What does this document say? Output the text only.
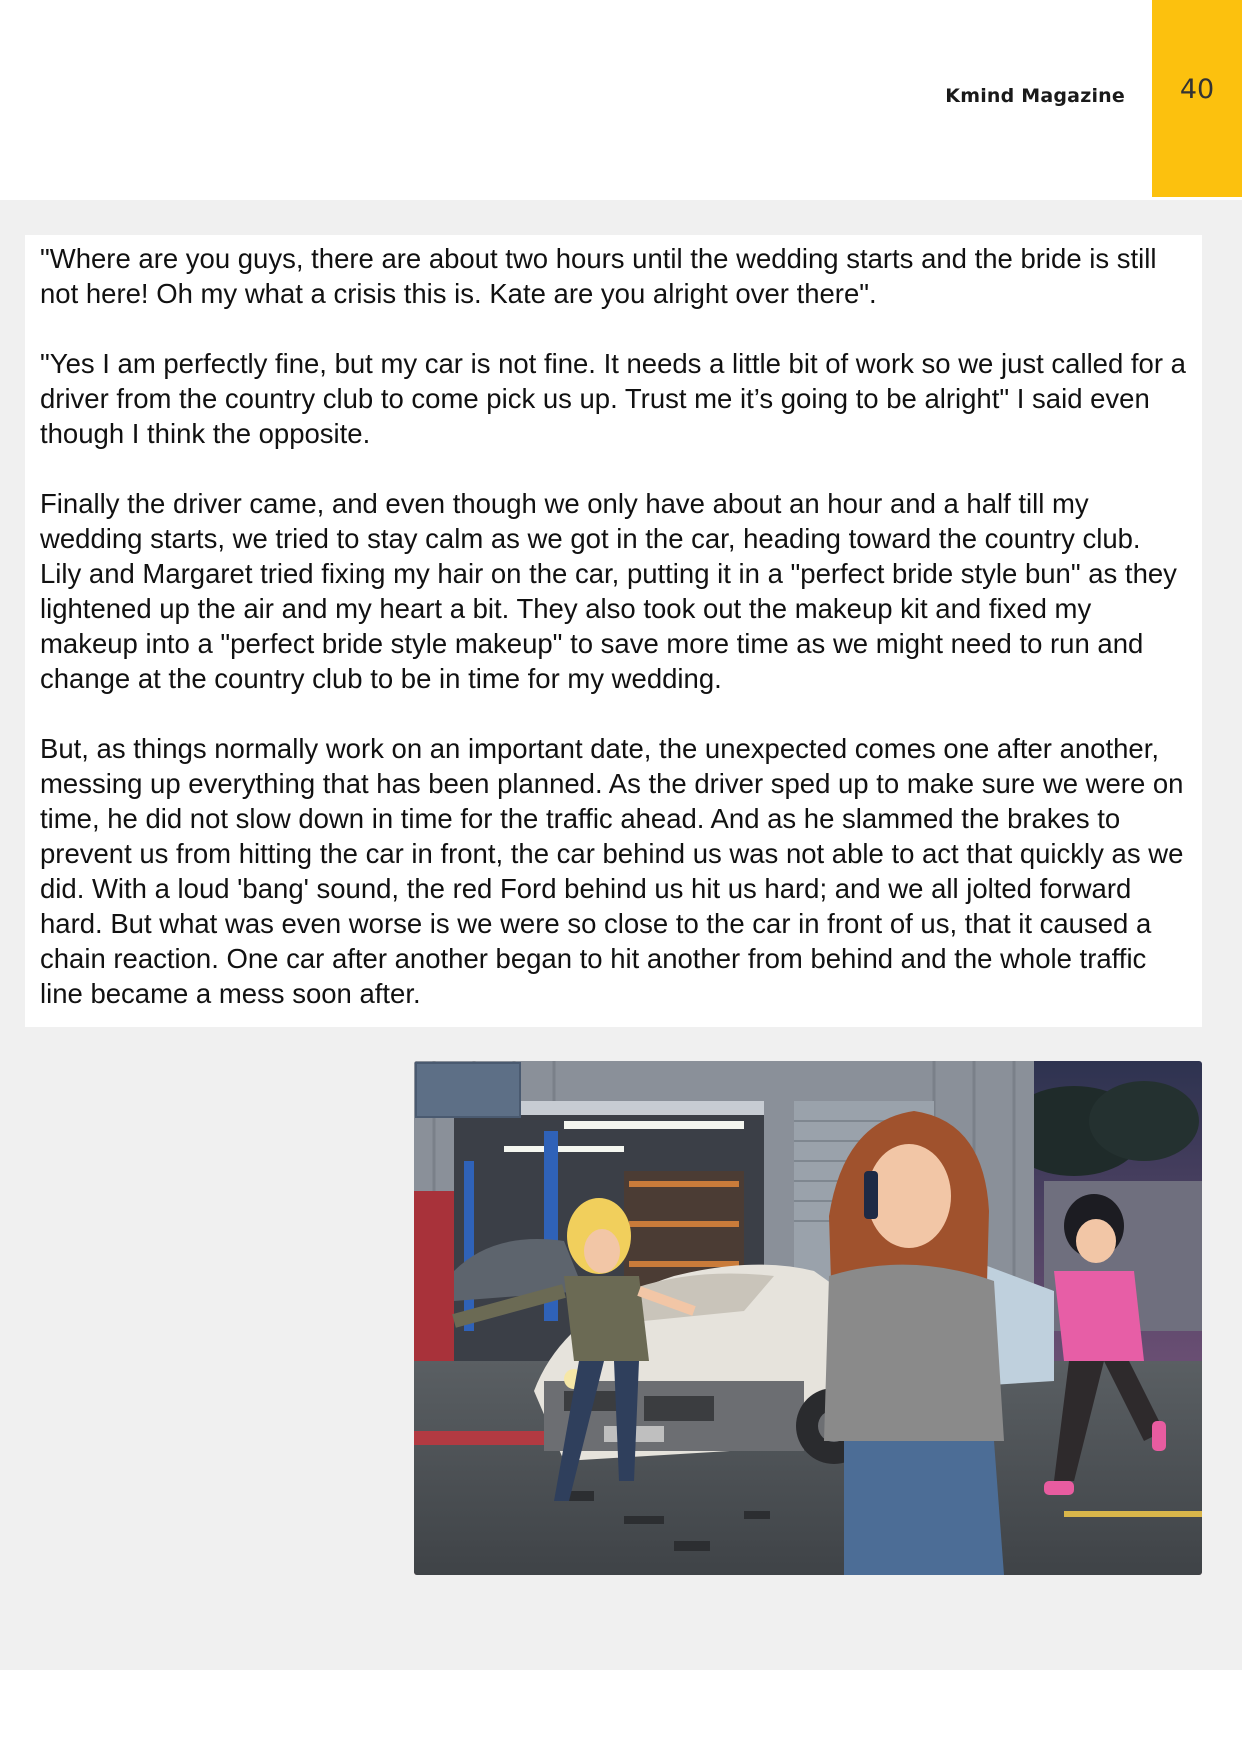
Kmind Magazine	40

"Where are you guys, there are about two hours until the wedding starts and the bride is still not here! Oh my what a crisis this is. Kate are you alright over there".

"Yes I am perfectly fine, but my car is not fine. It needs a little bit of work so we just called for a driver from the country club to come pick us up. Trust me it’s going to be alright" I said even though I think the opposite.

Finally the driver came, and even though we only have about an hour and a half till my wedding starts, we tried to stay calm as we got in the car, heading toward the country club. Lily and Margaret tried fixing my hair on the car, putting it in a "perfect bride style bun" as they lightened up the air and my heart a bit. They also took out the makeup kit and fixed my makeup into a "perfect bride style makeup" to save more time as we might need to run and change at the country club to be in time for my wedding.

But, as things normally work on an important date, the unexpected comes one after another, messing up everything that has been planned. As the driver sped up to make sure we were on time, he did not slow down in time for the traffic ahead. And as he slammed the brakes to prevent us from hitting the car in front, the car behind us was not able to act that quickly as we did. With a loud 'bang' sound, the red Ford behind us hit us hard; and we all jolted forward hard. But what was even worse is we were so close to the car in front of us, that it caused a chain reaction. One car after another began to hit another from behind and the whole traffic line became a mess soon after.
